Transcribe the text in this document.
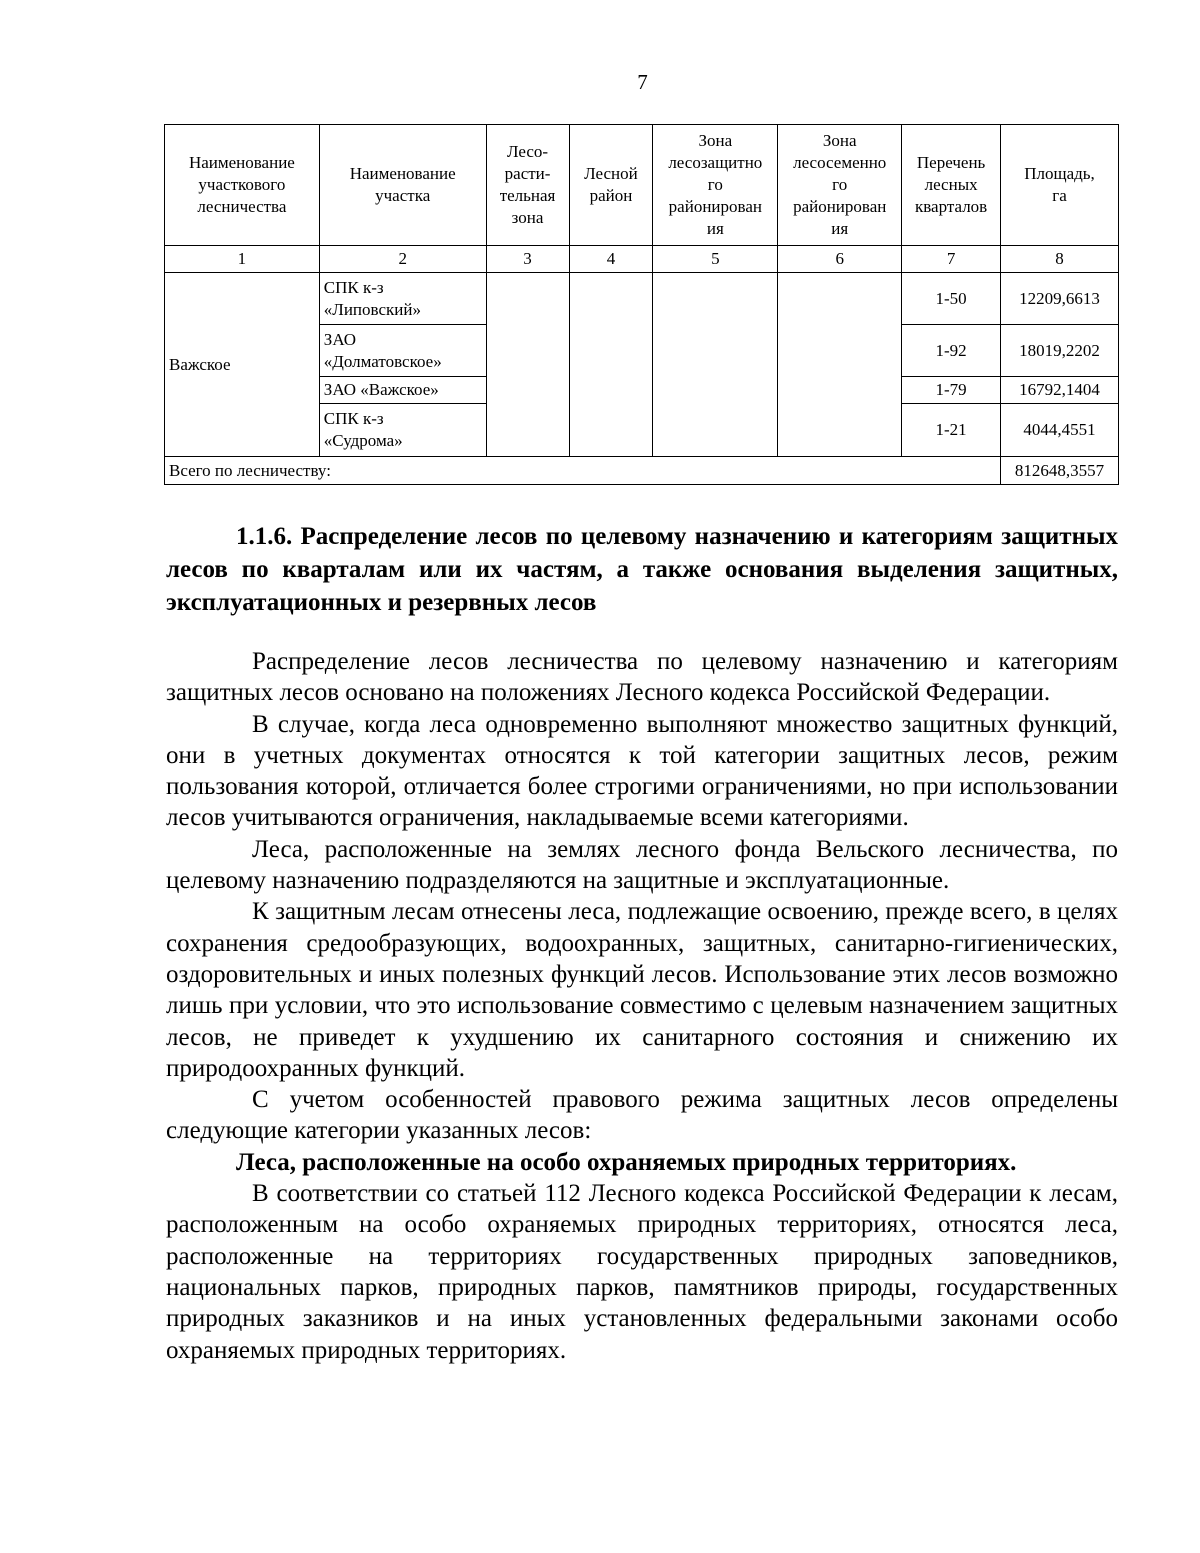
7
Наименование
участкового
лесничества	Наименование
участка	Лесо-
расти-
тельная
зона	Лесной
район	Зона
лесозащитно
го
районирован
ия	Зона
лесосеменно
го
районирован
ия	Перечень
лесных
кварталов	Площадь,
га
1	2	3	4	5	6	7	8
Важское	СПК к-з
«Липовский»					1-50	12209,6613
	ЗАО
«Долматовское»					1-92	18019,2202
	ЗАО «Важское»					1-79	16792,1404
	СПК к-з
«Судрома»					1-21	4044,4551
Всего по лесничеству:							812648,3557
1.1.6. Распределение лесов по целевому назначению и категориям защитных лесов по кварталам или их частям, а также основания выделения защитных, эксплуатационных и резервных лесов

Распределение лесов лесничества по целевому назначению и категориям защитных лесов основано на положениях Лесного кодекса Российской Федерации.

В случае, когда леса одновременно выполняют множество защитных функций, они в учетных документах относятся к той категории защитных лесов, режим пользования которой, отличается более строгими ограничениями, но при использовании лесов учитываются ограничения, накладываемые всеми категориями.

Леса, расположенные на землях лесного фонда Вельского лесничества, по целевому назначению подразделяются на защитные и эксплуатационные.

К защитным лесам отнесены леса, подлежащие освоению, прежде всего, в целях сохранения средообразующих, водоохранных, защитных, санитарно-гигиенических, оздоровительных и иных полезных функций лесов. Использование этих лесов возможно лишь при условии, что это использование совместимо с целевым назначением защитных лесов, не приведет к ухудшению их санитарного состояния и снижению их природоохранных функций.

С учетом особенностей правового режима защитных лесов определены следующие категории указанных лесов:

Леса, расположенные на особо охраняемых природных территориях.

В соответствии со статьей 112 Лесного кодекса Российской Федерации к лесам, расположенным на особо охраняемых природных территориях, относятся леса, расположенные на территориях государственных природных заповедников, национальных парков, природных парков, памятников природы, государственных природных заказников и на иных установленных федеральными законами особо охраняемых природных территориях.
